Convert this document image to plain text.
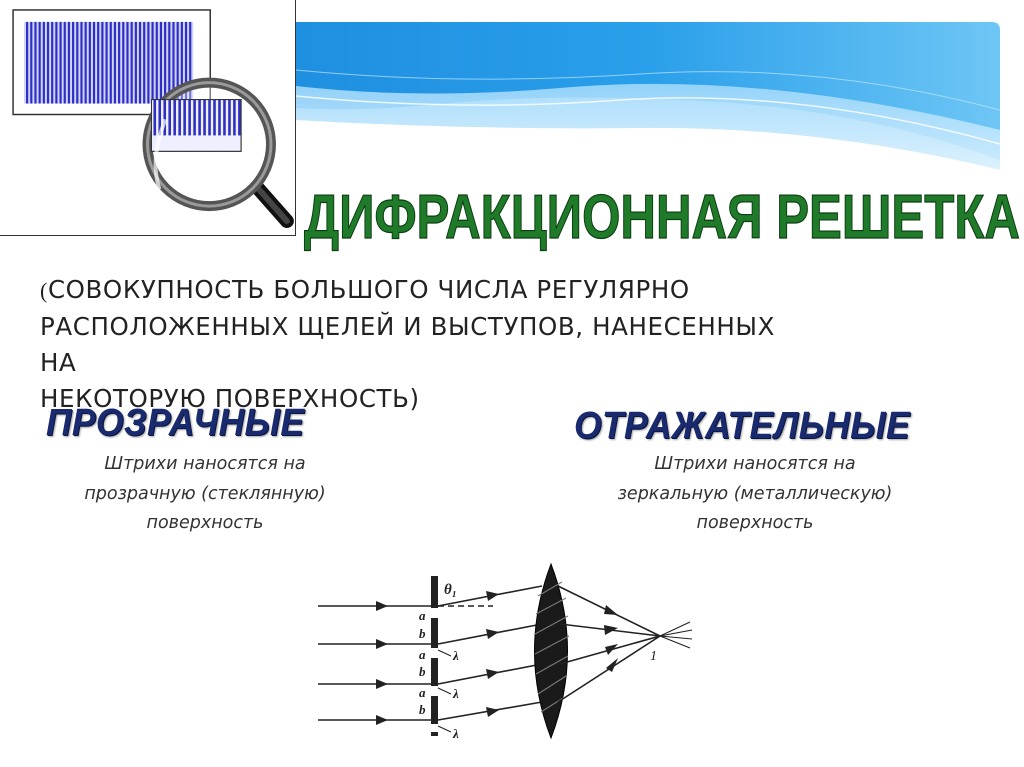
ДИФРАКЦИОННАЯ РЕШЕТКА
(СОВОКУПНОСТЬ БОЛЬШОГО ЧИСЛА РЕГУЛЯРНО
РАСПОЛОЖЕННЫХ ЩЕЛЕЙ И ВЫСТУПОВ, НАНЕСЕННЫХ НА
НЕКОТОРУЮ ПОВЕРХНОСТЬ)
ПРОЗРАЧНЫЕ
Штрихи наносятся на
прозрачную (стеклянную)
поверхность
ОТРАЖАТЕЛЬНЫЕ
Штрихи наносятся на
зеркальную (металлическую)
поверхность
θ₁
1
a
b
a
b
a
b
λ
λ
λ
